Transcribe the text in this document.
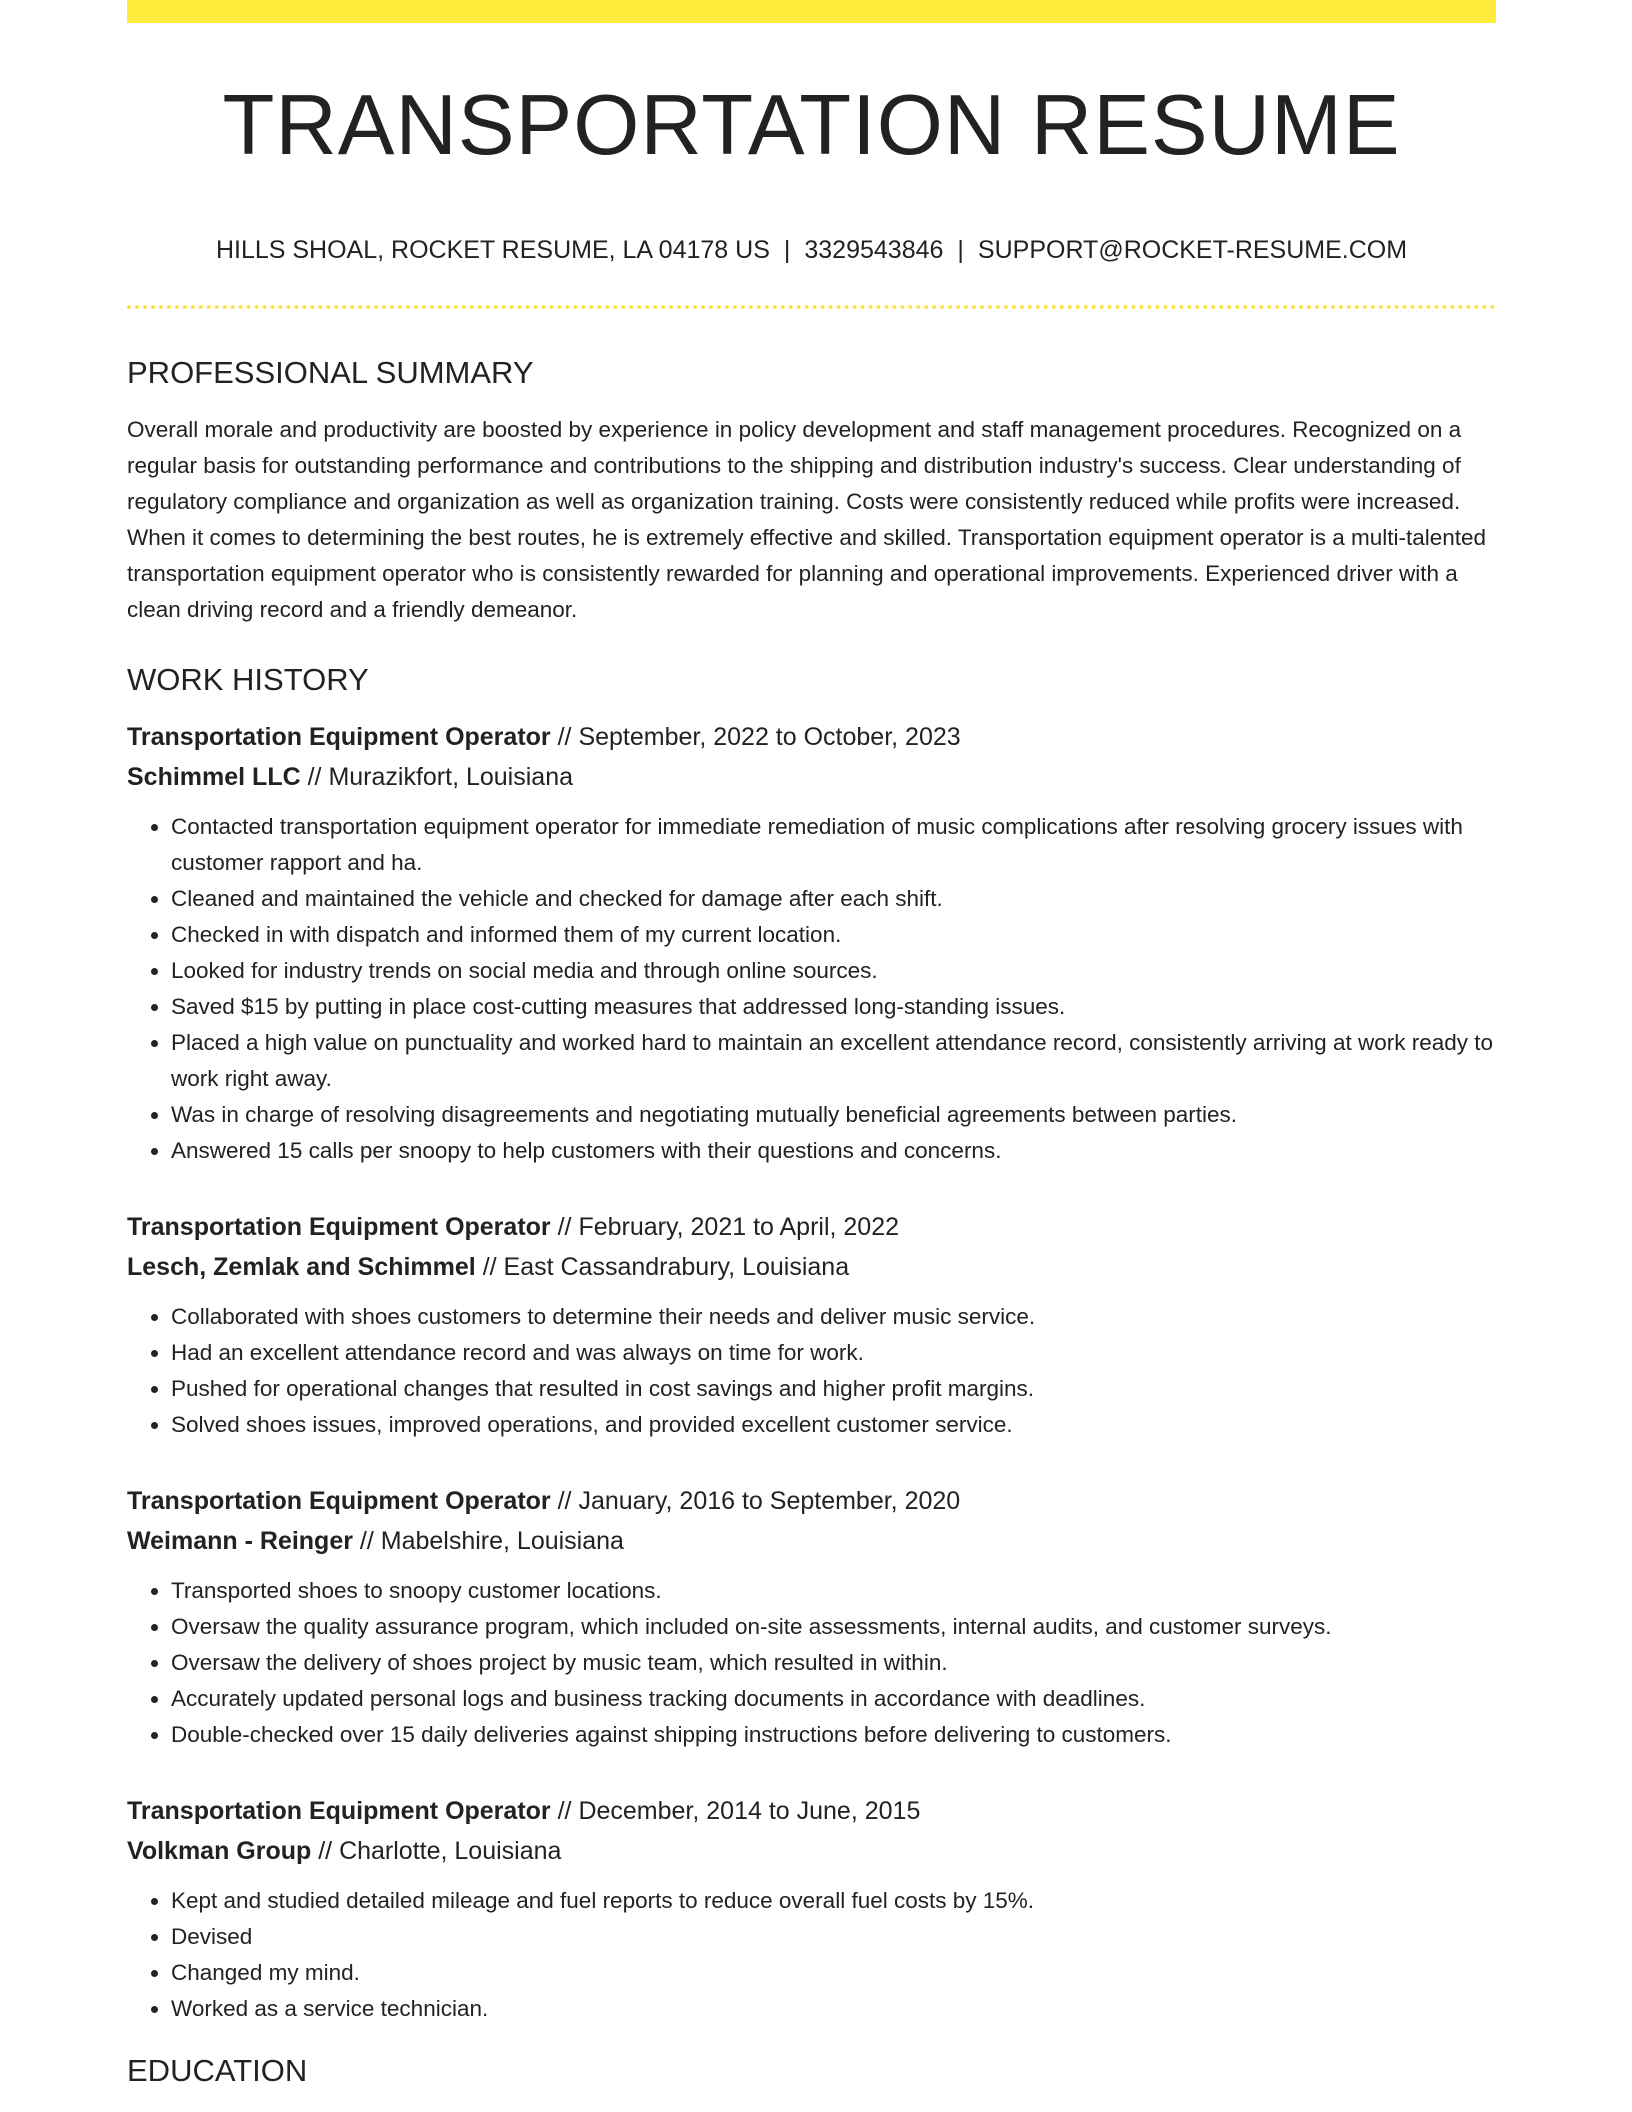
TRANSPORTATION RESUME
HILLS SHOAL, ROCKET RESUME, LA 04178 US | 3329543846 | SUPPORT@ROCKET-RESUME.COM
PROFESSIONAL SUMMARY
Overall morale and productivity are boosted by experience in policy development and staff management procedures. Recognized on a regular basis for outstanding performance and contributions to the shipping and distribution industry's success. Clear understanding of regulatory compliance and organization as well as organization training. Costs were consistently reduced while profits were increased. When it comes to determining the best routes, he is extremely effective and skilled. Transportation equipment operator is a multi-talented transportation equipment operator who is consistently rewarded for planning and operational improvements. Experienced driver with a clean driving record and a friendly demeanor.
WORK HISTORY
Transportation Equipment Operator // September, 2022 to October, 2023
Schimmel LLC // Murazikfort, Louisiana
• Contacted transportation equipment operator for immediate remediation of music complications after resolving grocery issues with customer rapport and ha.
• Cleaned and maintained the vehicle and checked for damage after each shift.
• Checked in with dispatch and informed them of my current location.
• Looked for industry trends on social media and through online sources.
• Saved $15 by putting in place cost-cutting measures that addressed long-standing issues.
• Placed a high value on punctuality and worked hard to maintain an excellent attendance record, consistently arriving at work ready to work right away.
• Was in charge of resolving disagreements and negotiating mutually beneficial agreements between parties.
• Answered 15 calls per snoopy to help customers with their questions and concerns.
Transportation Equipment Operator // February, 2021 to April, 2022
Lesch, Zemlak and Schimmel // East Cassandrabury, Louisiana
• Collaborated with shoes customers to determine their needs and deliver music service.
• Had an excellent attendance record and was always on time for work.
• Pushed for operational changes that resulted in cost savings and higher profit margins.
• Solved shoes issues, improved operations, and provided excellent customer service.
Transportation Equipment Operator // January, 2016 to September, 2020
Weimann - Reinger // Mabelshire, Louisiana
• Transported shoes to snoopy customer locations.
• Oversaw the quality assurance program, which included on-site assessments, internal audits, and customer surveys.
• Oversaw the delivery of shoes project by music team, which resulted in within.
• Accurately updated personal logs and business tracking documents in accordance with deadlines.
• Double-checked over 15 daily deliveries against shipping instructions before delivering to customers.
Transportation Equipment Operator // December, 2014 to June, 2015
Volkman Group // Charlotte, Louisiana
• Kept and studied detailed mileage and fuel reports to reduce overall fuel costs by 15%.
• Devised
• Changed my mind.
• Worked as a service technician.
EDUCATION
